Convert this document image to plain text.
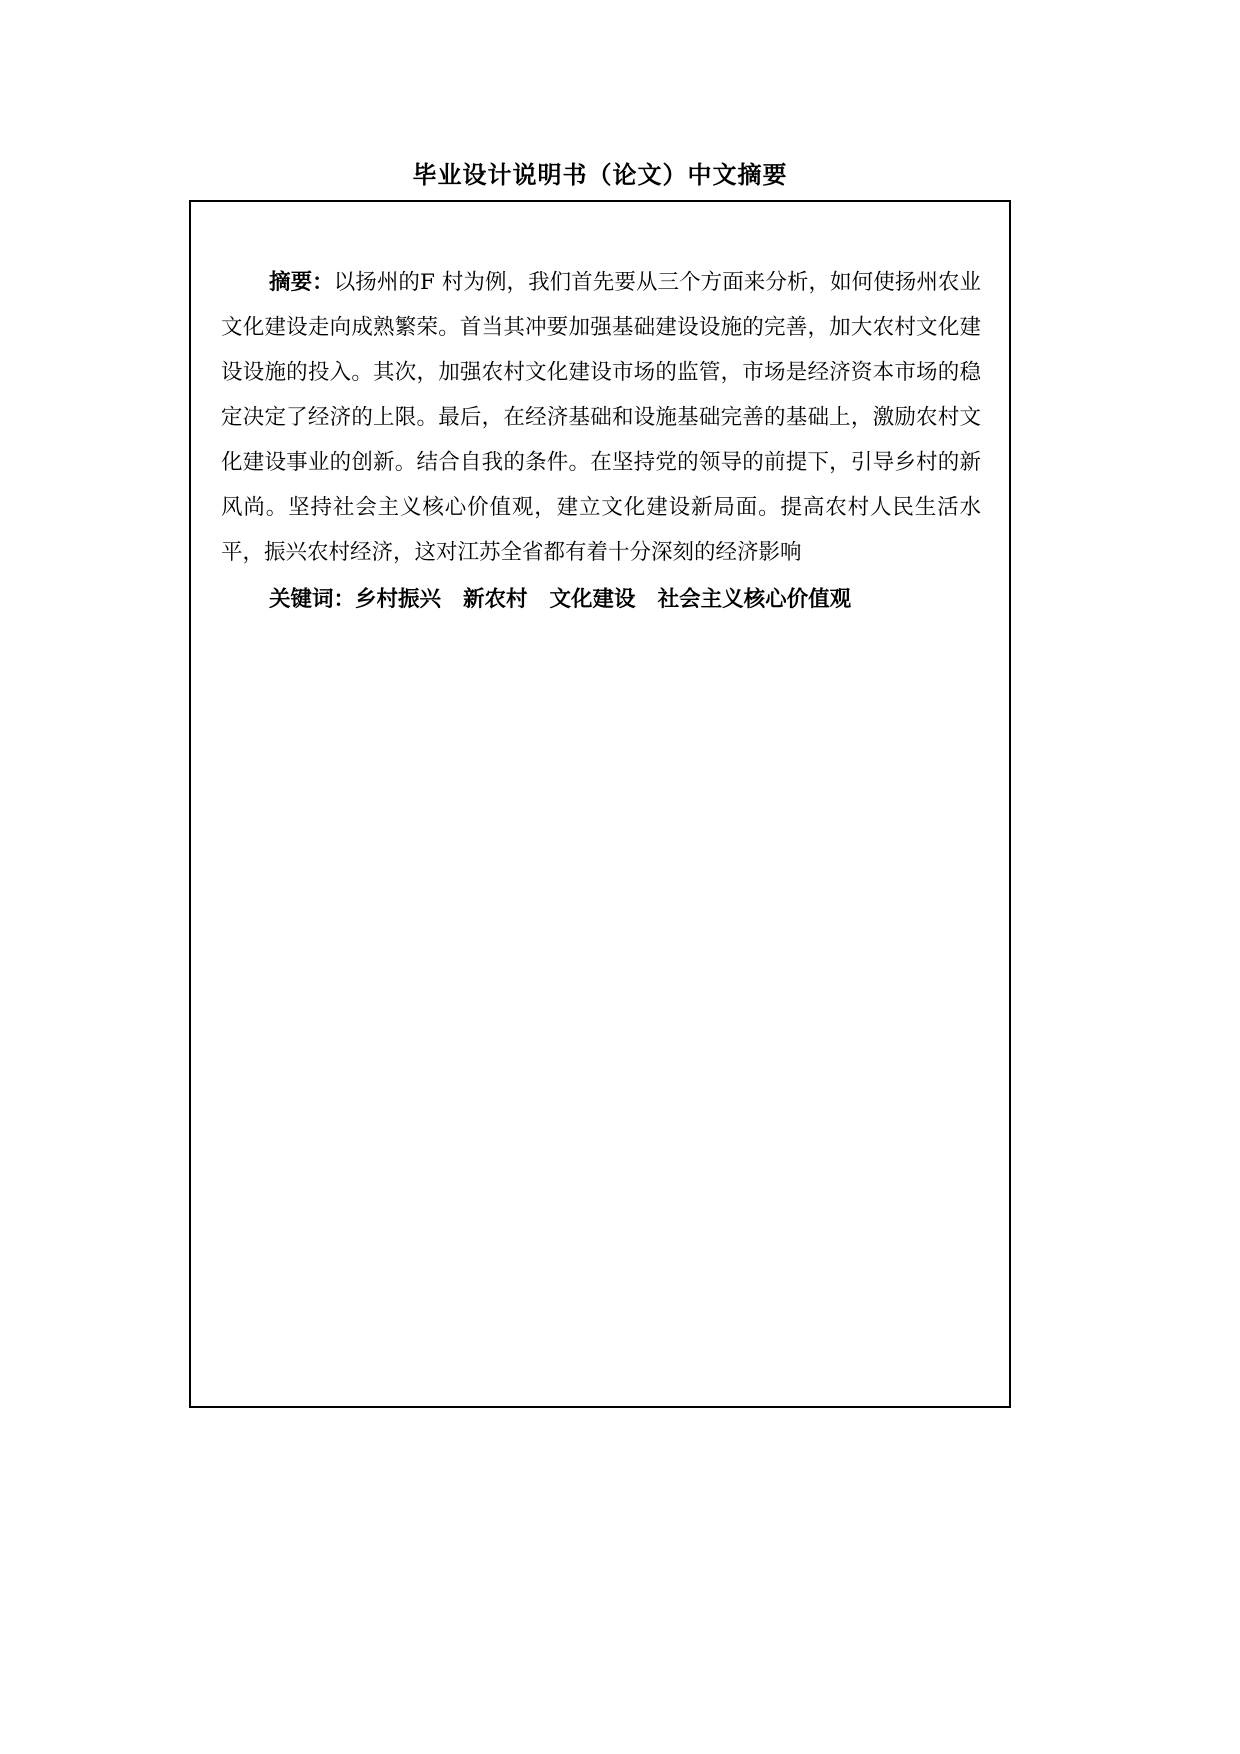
毕业设计说明书（论文）中文摘要

摘要：以扬州的F 村为例，我们首先要从三个方面来分析，如何使扬州农业文化建设走向成熟繁荣。首当其冲要加强基础建设设施的完善，加大农村文化建设设施的投入。其次，加强农村文化建设市场的监管，市场是经济资本市场的稳定决定了经济的上限。最后，在经济基础和设施基础完善的基础上，激励农村文化建设事业的创新。结合自我的条件。在坚持党的领导的前提下，引导乡村的新风尚。坚持社会主义核心价值观，建立文化建设新局面。提高农村人民生活水平，振兴农村经济，这对江苏全省都有着十分深刻的经济影响

关键词：乡村振兴 新农村 文化建设 社会主义核心价值观
